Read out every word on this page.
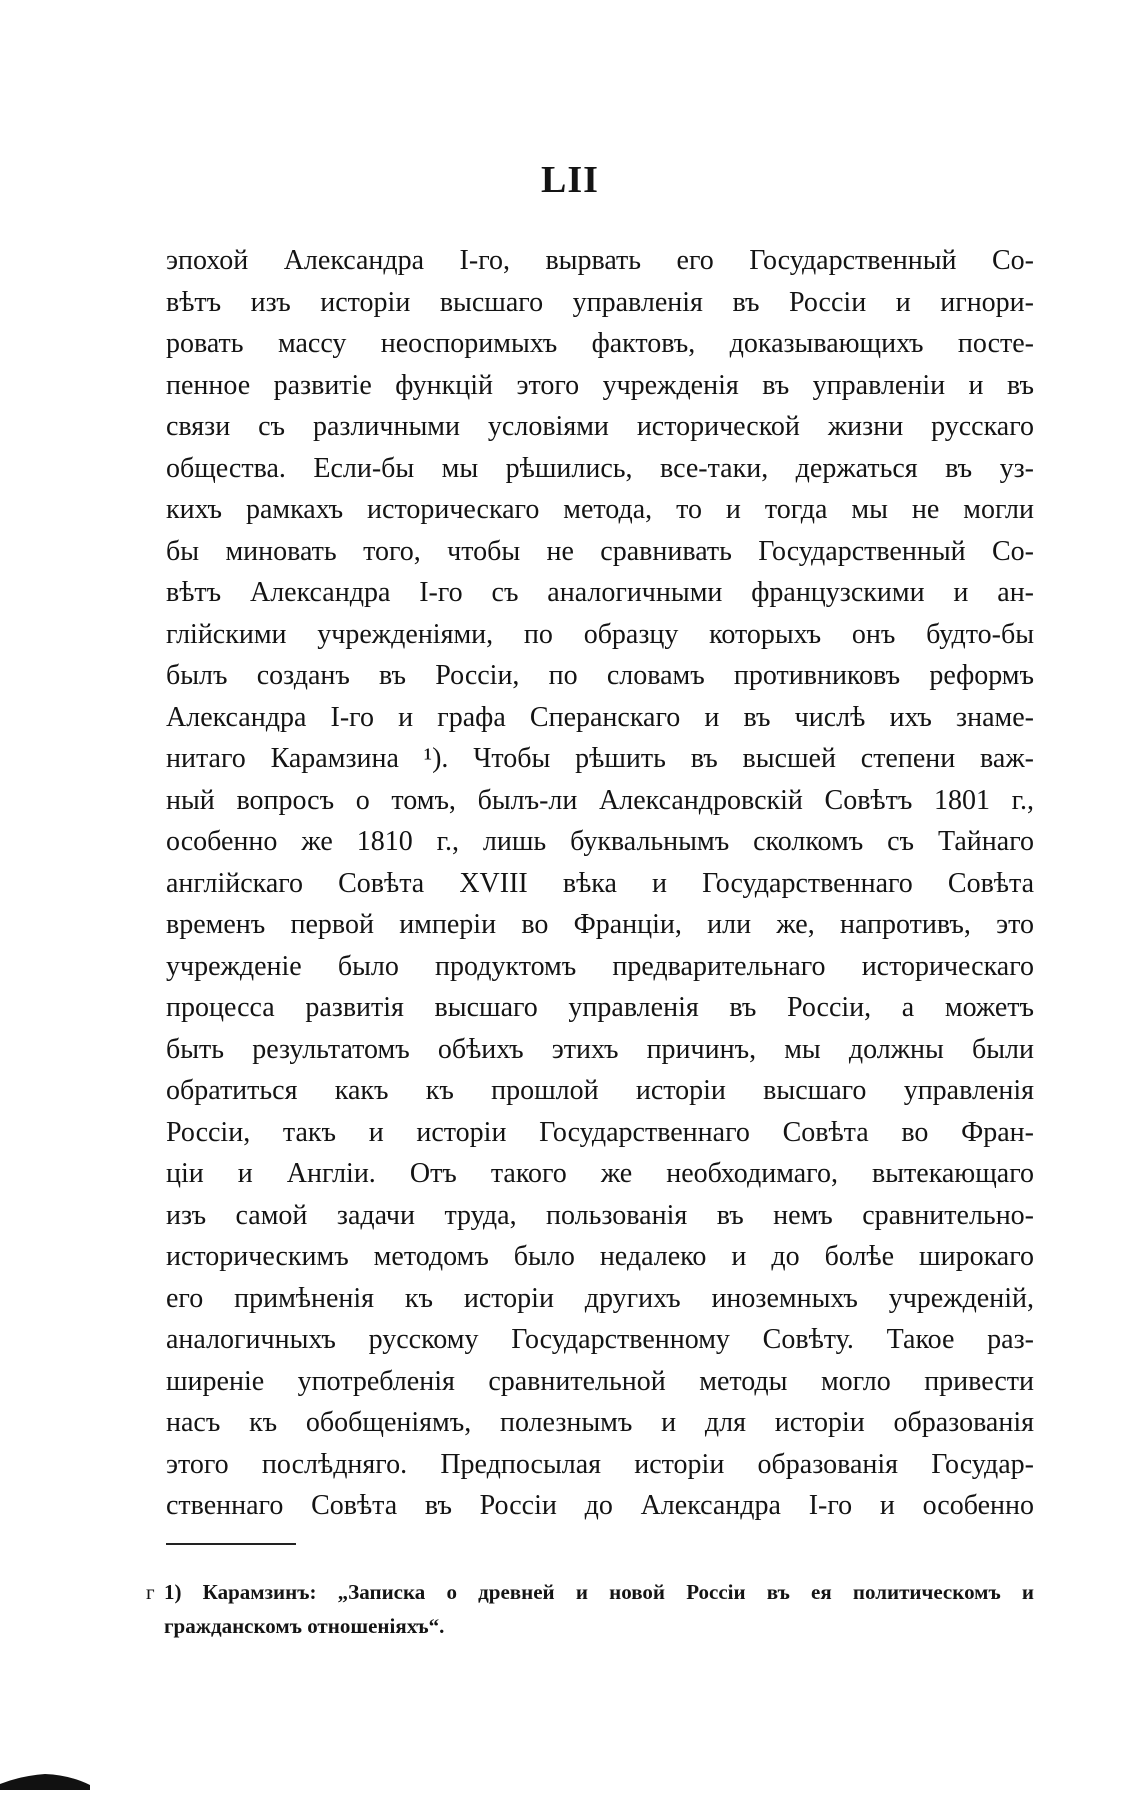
LII
эпохой Александра I-го, вырвать его Государственный Со-
вѣтъ изъ исторіи высшаго управленія въ Россіи и игнори-
ровать массу неоспоримыхъ фактовъ, доказывающихъ посте-
пенное развитіе функцій этого учрежденія въ управленіи и въ
связи съ различными условіями исторической жизни русскаго
общества. Если-бы мы рѣшились, все-таки, держаться въ уз-
кихъ рамкахъ историческаго метода, то и тогда мы не могли
бы миновать того, чтобы не сравнивать Государственный Со-
вѣтъ Александра I-го съ аналогичными французскими и ан-
глійскими учрежденіями, по образцу которыхъ онъ будто-бы
былъ созданъ въ Россіи, по словамъ противниковъ реформъ
Александра I-го и графа Сперанскаго и въ числѣ ихъ знаме-
нитаго Карамзина ¹). Чтобы рѣшить въ высшей степени важ-
ный вопросъ о томъ, былъ-ли Александровскій Совѣтъ 1801 г.,
особенно же 1810 г., лишь буквальнымъ сколкомъ съ Тайнаго
англійскаго Совѣта XVIII вѣка и Государственнаго Совѣта
временъ первой имперіи во Франціи, или же, напротивъ, это
учрежденіе было продуктомъ предварительнаго историческаго
процесса развитія высшаго управленія въ Россіи, а можетъ
быть результатомъ обѣихъ этихъ причинъ, мы должны были
обратиться какъ къ прошлой исторіи высшаго управленія
Россіи, такъ и исторіи Государственнаго Совѣта во Фран-
ціи и Англіи. Отъ такого же необходимаго, вытекающаго
изъ самой задачи труда, пользованія въ немъ сравнительно-
историческимъ методомъ было недалеко и до болѣе широкаго
его примѣненія къ исторіи другихъ иноземныхъ учрежденій,
аналогичныхъ русскому Государственному Совѣту. Такое раз-
ширеніе употребленія сравнительной методы могло привести
насъ къ обобщеніямъ, полезнымъ и для исторіи образованія
этого послѣдняго. Предпосылая исторіи образованія Государ-
ственнаго Совѣта въ Россіи до Александра I-го и особенно
г 1) Карамзинъ: „Записка о древней и новой Россіи въ ея политическомъ и
гражданскомъ отношеніяхъ“.
